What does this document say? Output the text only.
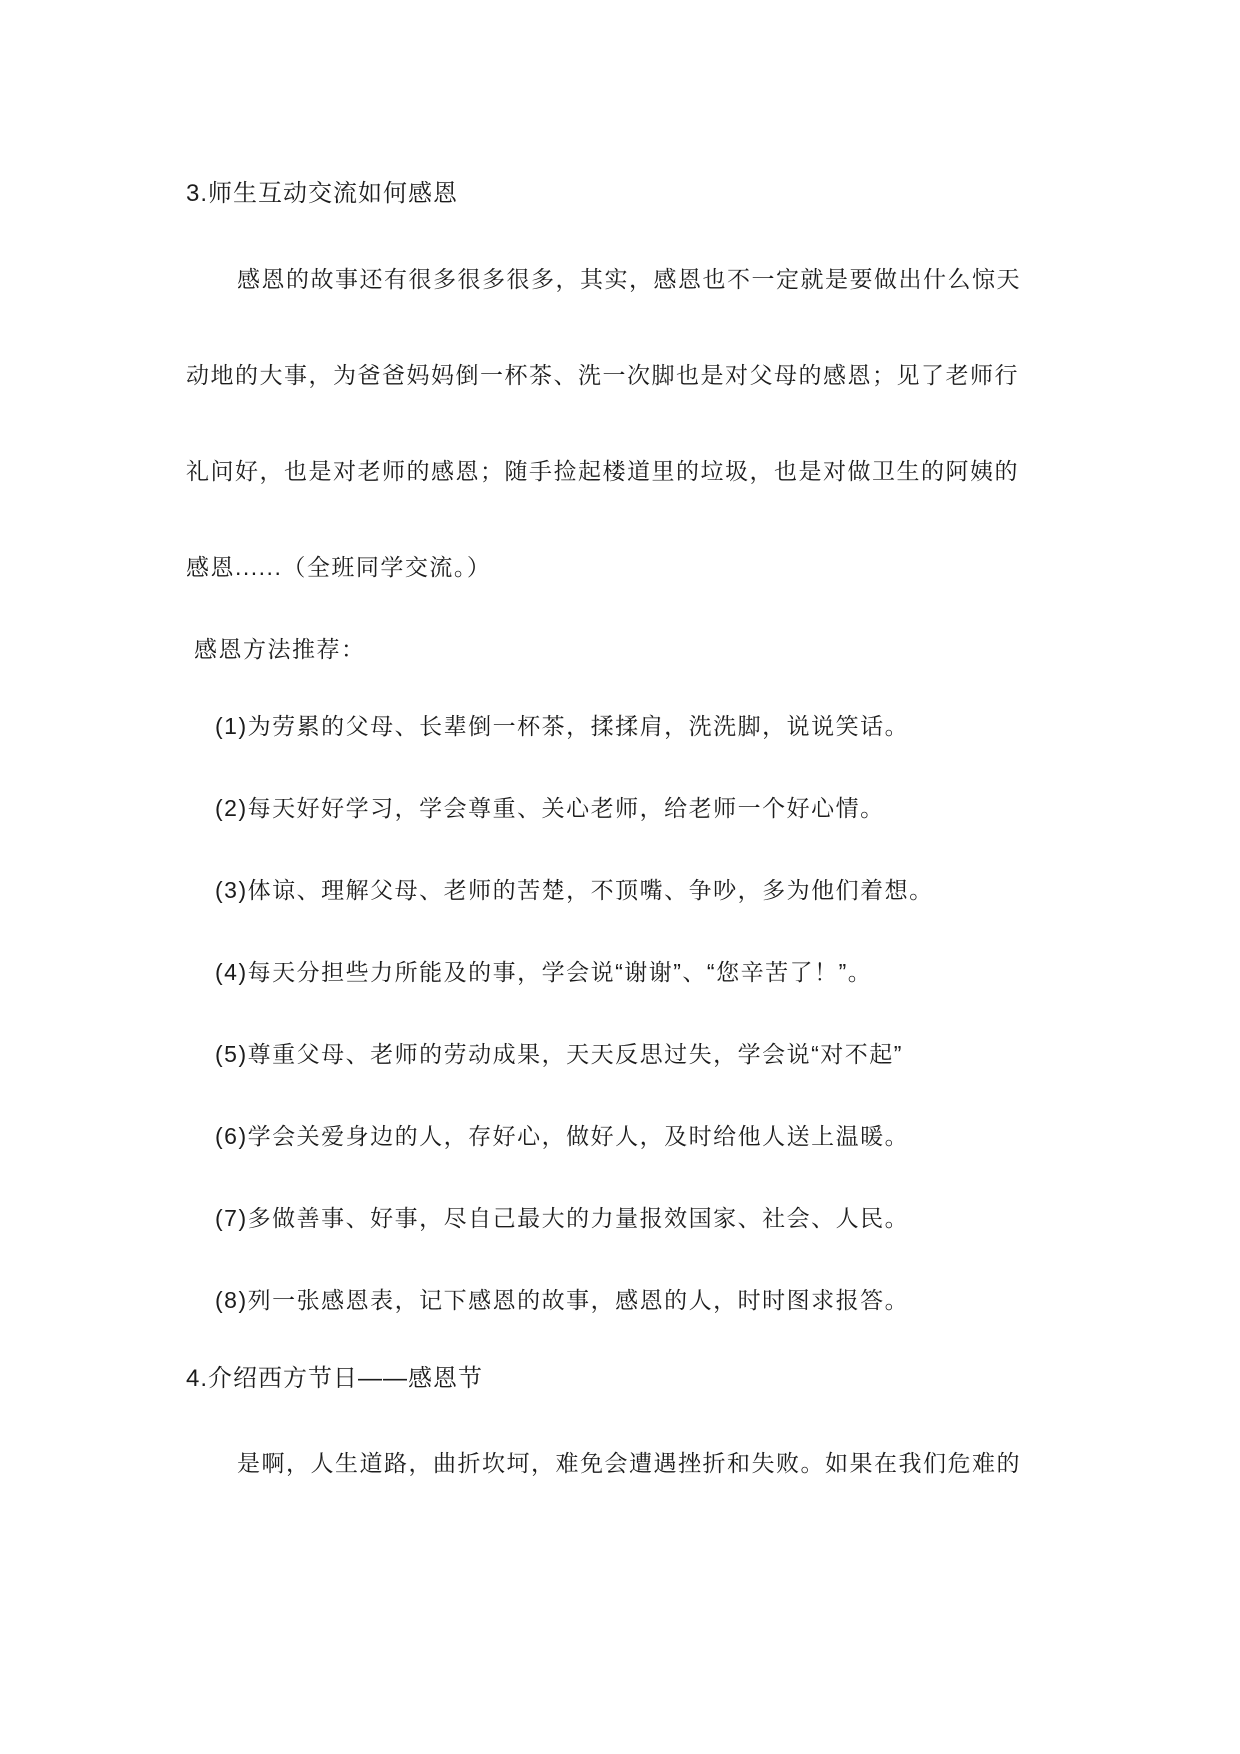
3.师生互动交流如何感恩
感恩的故事还有很多很多很多，其实，感恩也不一定就是要做出什么惊天
动地的大事，为爸爸妈妈倒一杯茶、洗一次脚也是对父母的感恩；见了老师行
礼问好，也是对老师的感恩；随手捡起楼道里的垃圾，也是对做卫生的阿姨的
感恩......（全班同学交流。）
感恩方法推荐：
(1)为劳累的父母、长辈倒一杯茶，揉揉肩，洗洗脚，说说笑话。
(2)每天好好学习，学会尊重、关心老师，给老师一个好心情。
(3)体谅、理解父母、老师的苦楚，不顶嘴、争吵，多为他们着想。
(4)每天分担些力所能及的事，学会说“谢谢”、“您辛苦了！”。
(5)尊重父母、老师的劳动成果，天天反思过失，学会说“对不起”
(6)学会关爱身边的人，存好心，做好人，及时给他人送上温暖。
(7)多做善事、好事，尽自己最大的力量报效国家、社会、人民。
(8)列一张感恩表，记下感恩的故事，感恩的人，时时图求报答。
4.介绍西方节日——感恩节
是啊，人生道路，曲折坎坷，难免会遭遇挫折和失败。如果在我们危难的
